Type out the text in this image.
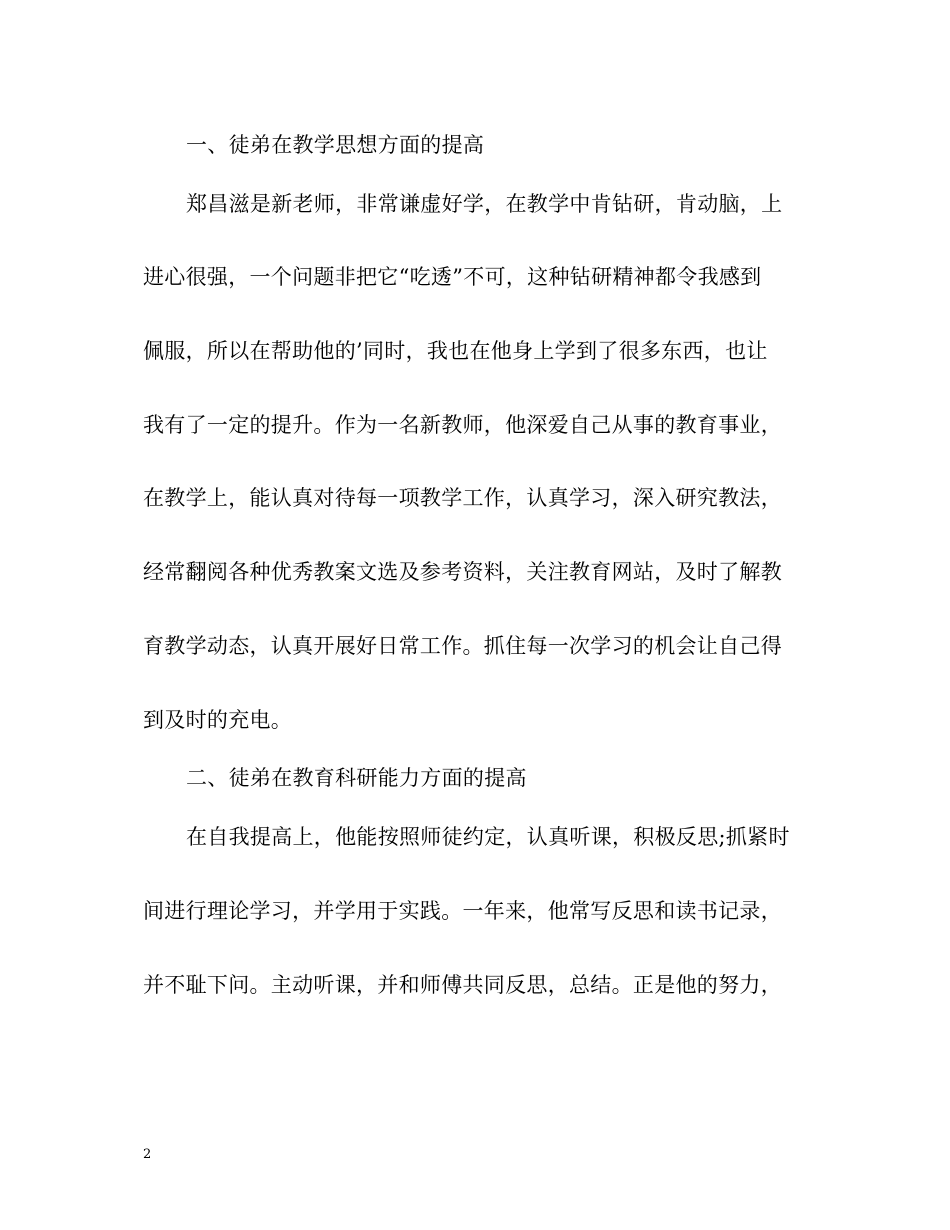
一、徒弟在教学思想方面的提高
郑昌滋是新老师，非常谦虚好学，在教学中肯钻研，肯动脑，上
进心很强，一个问题非把它“吃透”不可，这种钻研精神都令我感到
佩服，所以在帮助他的’同时，我也在他身上学到了很多东西，也让
我有了一定的提升。作为一名新教师，他深爱自己从事的教育事业，
在教学上，能认真对待每一项教学工作，认真学习，深入研究教法，
经常翻阅各种优秀教案文选及参考资料，关注教育网站，及时了解教
育教学动态，认真开展好日常工作。抓住每一次学习的机会让自己得
到及时的充电。
二、徒弟在教育科研能力方面的提高
在自我提高上，他能按照师徒约定，认真听课，积极反思;抓紧时
间进行理论学习，并学用于实践。一年来，他常写反思和读书记录，
并不耻下问。主动听课，并和师傅共同反思，总结。正是他的努力，
2
